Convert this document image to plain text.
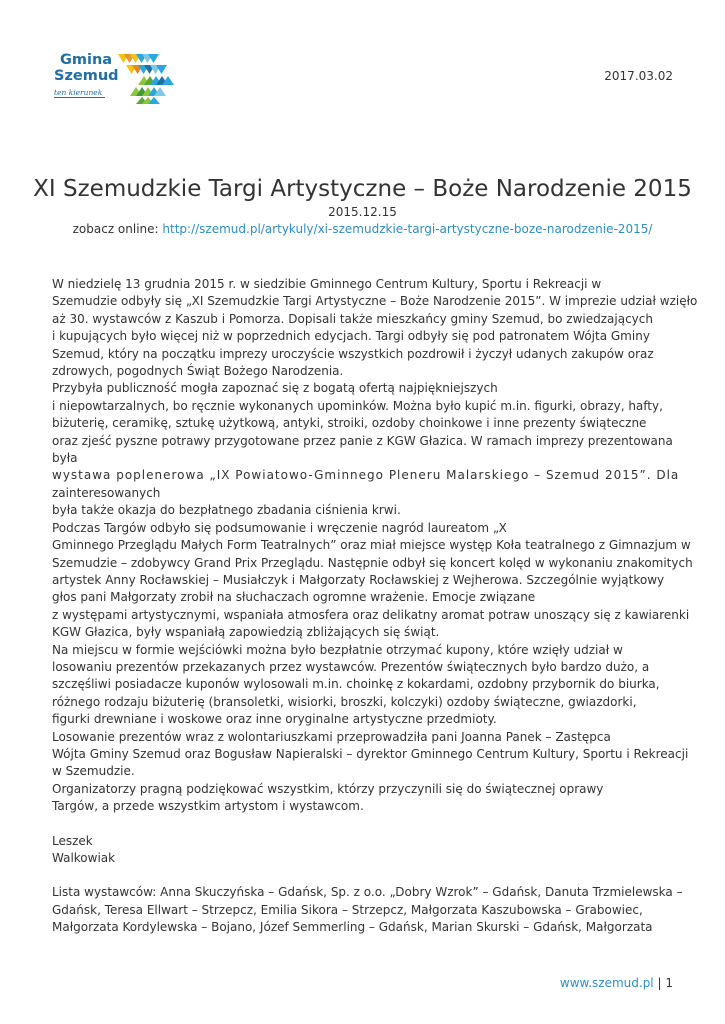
Gmina
Szemud
ten kierunek
2017.03.02
XI Szemudzkie Targi Artystyczne – Boże Narodzenie 2015
2015.12.15
zobacz online: http://szemud.pl/artykuly/xi-szemudzkie-targi-artystyczne-boze-narodzenie-2015/
W niedzielę 13 grudnia 2015 r. w siedzibie Gminnego Centrum Kultury, Sportu i Rekreacji w
Szemudzie odbyły się „XI Szemudzkie Targi Artystyczne – Boże Narodzenie 2015”. W imprezie udział wzięło
aż 30. wystawców z Kaszub i Pomorza. Dopisali także mieszkańcy gminy Szemud, bo zwiedzających
i kupujących było więcej niż w poprzednich edycjach. Targi odbyły się pod patronatem Wójta Gminy
Szemud, który na początku imprezy uroczyście wszystkich pozdrowił i życzył udanych zakupów oraz
zdrowych, pogodnych Świąt Bożego Narodzenia.
Przybyła publiczność mogła zapoznać się z bogatą ofertą najpiękniejszych
i niepowtarzalnych, bo ręcznie wykonanych upominków. Można było kupić m.in. figurki, obrazy, hafty,
biżuterię, ceramikę, sztukę użytkową, antyki, stroiki, ozdoby choinkowe i inne prezenty świąteczne
oraz zjeść pyszne potrawy przygotowane przez panie z KGW Głazica. W ramach imprezy prezentowana
była
wystawa poplenerowa „IX Powiatowo-Gminnego Pleneru Malarskiego – Szemud 2015”. Dla
zainteresowanych
była także okazja do bezpłatnego zbadania ciśnienia krwi.
Podczas Targów odbyło się podsumowanie i wręczenie nagród laureatom „X
Gminnego Przeglądu Małych Form Teatralnych” oraz miał miejsce występ Koła teatralnego z Gimnazjum w
Szemudzie – zdobywcy Grand Prix Przeglądu. Następnie odbył się koncert kolęd w wykonaniu znakomitych
artystek Anny Rocławskiej – Musiałczyk i Małgorzaty Rocławskiej z Wejherowa. Szczególnie wyjątkowy
głos pani Małgorzaty zrobił na słuchaczach ogromne wrażenie. Emocje związane
z występami artystycznymi, wspaniała atmosfera oraz delikatny aromat potraw unoszący się z kawiarenki
KGW Głazica, były wspaniałą zapowiedzią zbliżających się świąt.
Na miejscu w formie wejściówki można było bezpłatnie otrzymać kupony, które wzięły udział w
losowaniu prezentów przekazanych przez wystawców. Prezentów świątecznych było bardzo dużo, a
szczęśliwi posiadacze kuponów wylosowali m.in. choinkę z kokardami, ozdobny przybornik do biurka,
różnego rodzaju biżuterię (bransoletki, wisiorki, broszki, kolczyki) ozdoby świąteczne, gwiazdorki,
figurki drewniane i woskowe oraz inne oryginalne artystyczne przedmioty.
Losowanie prezentów wraz z wolontariuszkami przeprowadziła pani Joanna Panek – Zastępca
Wójta Gminy Szemud oraz Bogusław Napieralski – dyrektor Gminnego Centrum Kultury, Sportu i Rekreacji
w Szemudzie.
Organizatorzy pragną podziękować wszystkim, którzy przyczynili się do świątecznej oprawy
Targów, a przede wszystkim artystom i wystawcom.
Leszek
Walkowiak
Lista wystawców: Anna Skuczyńska – Gdańsk, Sp. z o.o. „Dobry Wzrok” – Gdańsk, Danuta Trzmielewska –
Gdańsk, Teresa Ellwart – Strzepcz, Emilia Sikora – Strzepcz, Małgorzata Kaszubowska – Grabowiec,
Małgorzata Kordylewska – Bojano, Józef Semmerling – Gdańsk, Marian Skurski – Gdańsk, Małgorzata
www.szemud.pl | 1
